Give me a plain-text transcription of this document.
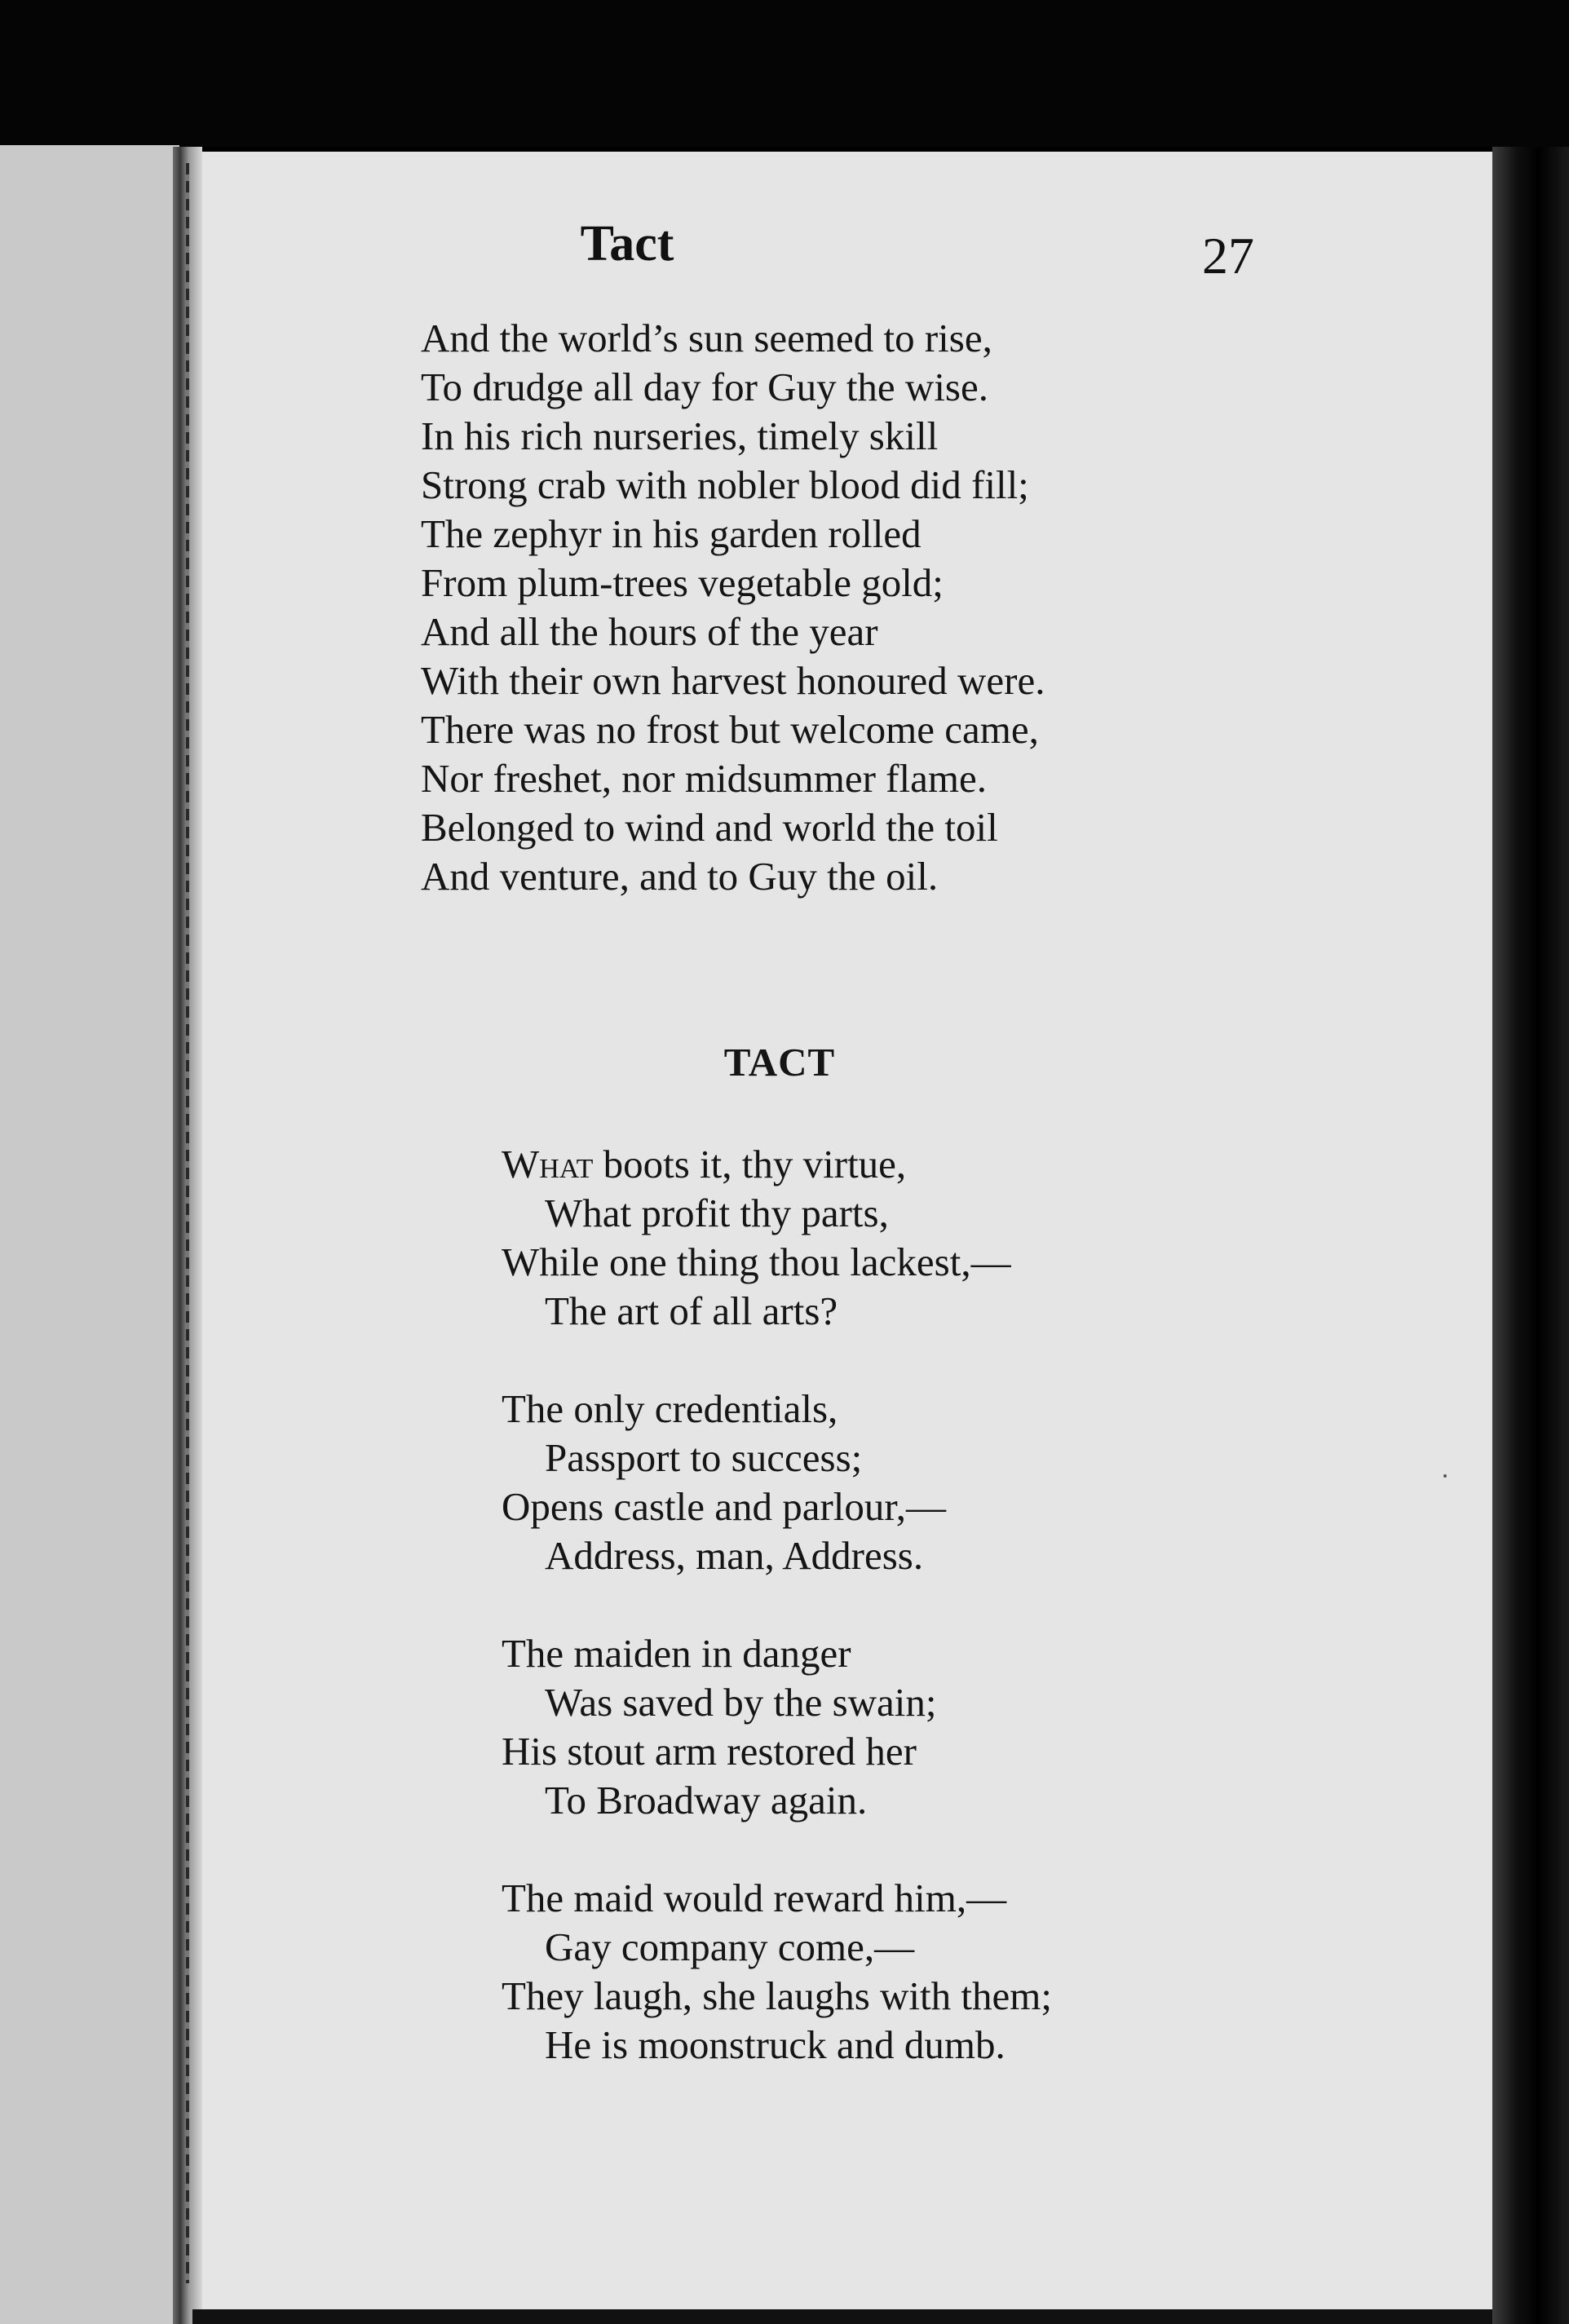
Tact	27
And the world’s sun seemed to rise,
To drudge all day for Guy the wise.
In his rich nurseries, timely skill
Strong crab with nobler blood did fill;
The zephyr in his garden rolled
From plum-trees vegetable gold;
And all the hours of the year
With their own harvest honoured were.
There was no frost but welcome came,
Nor freshet, nor midsummer flame.
Belonged to wind and world the toil
And venture, and to Guy the oil.
TACT
What boots it, thy virtue,
What profit thy parts,
While one thing thou lackest,—
The art of all arts?
The only credentials,
Passport to success;
Opens castle and parlour,—
Address, man, Address.
The maiden in danger
Was saved by the swain;
His stout arm restored her
To Broadway again.
The maid would reward him,—
Gay company come,—
They laugh, she laughs with them;
He is moonstruck and dumb.
